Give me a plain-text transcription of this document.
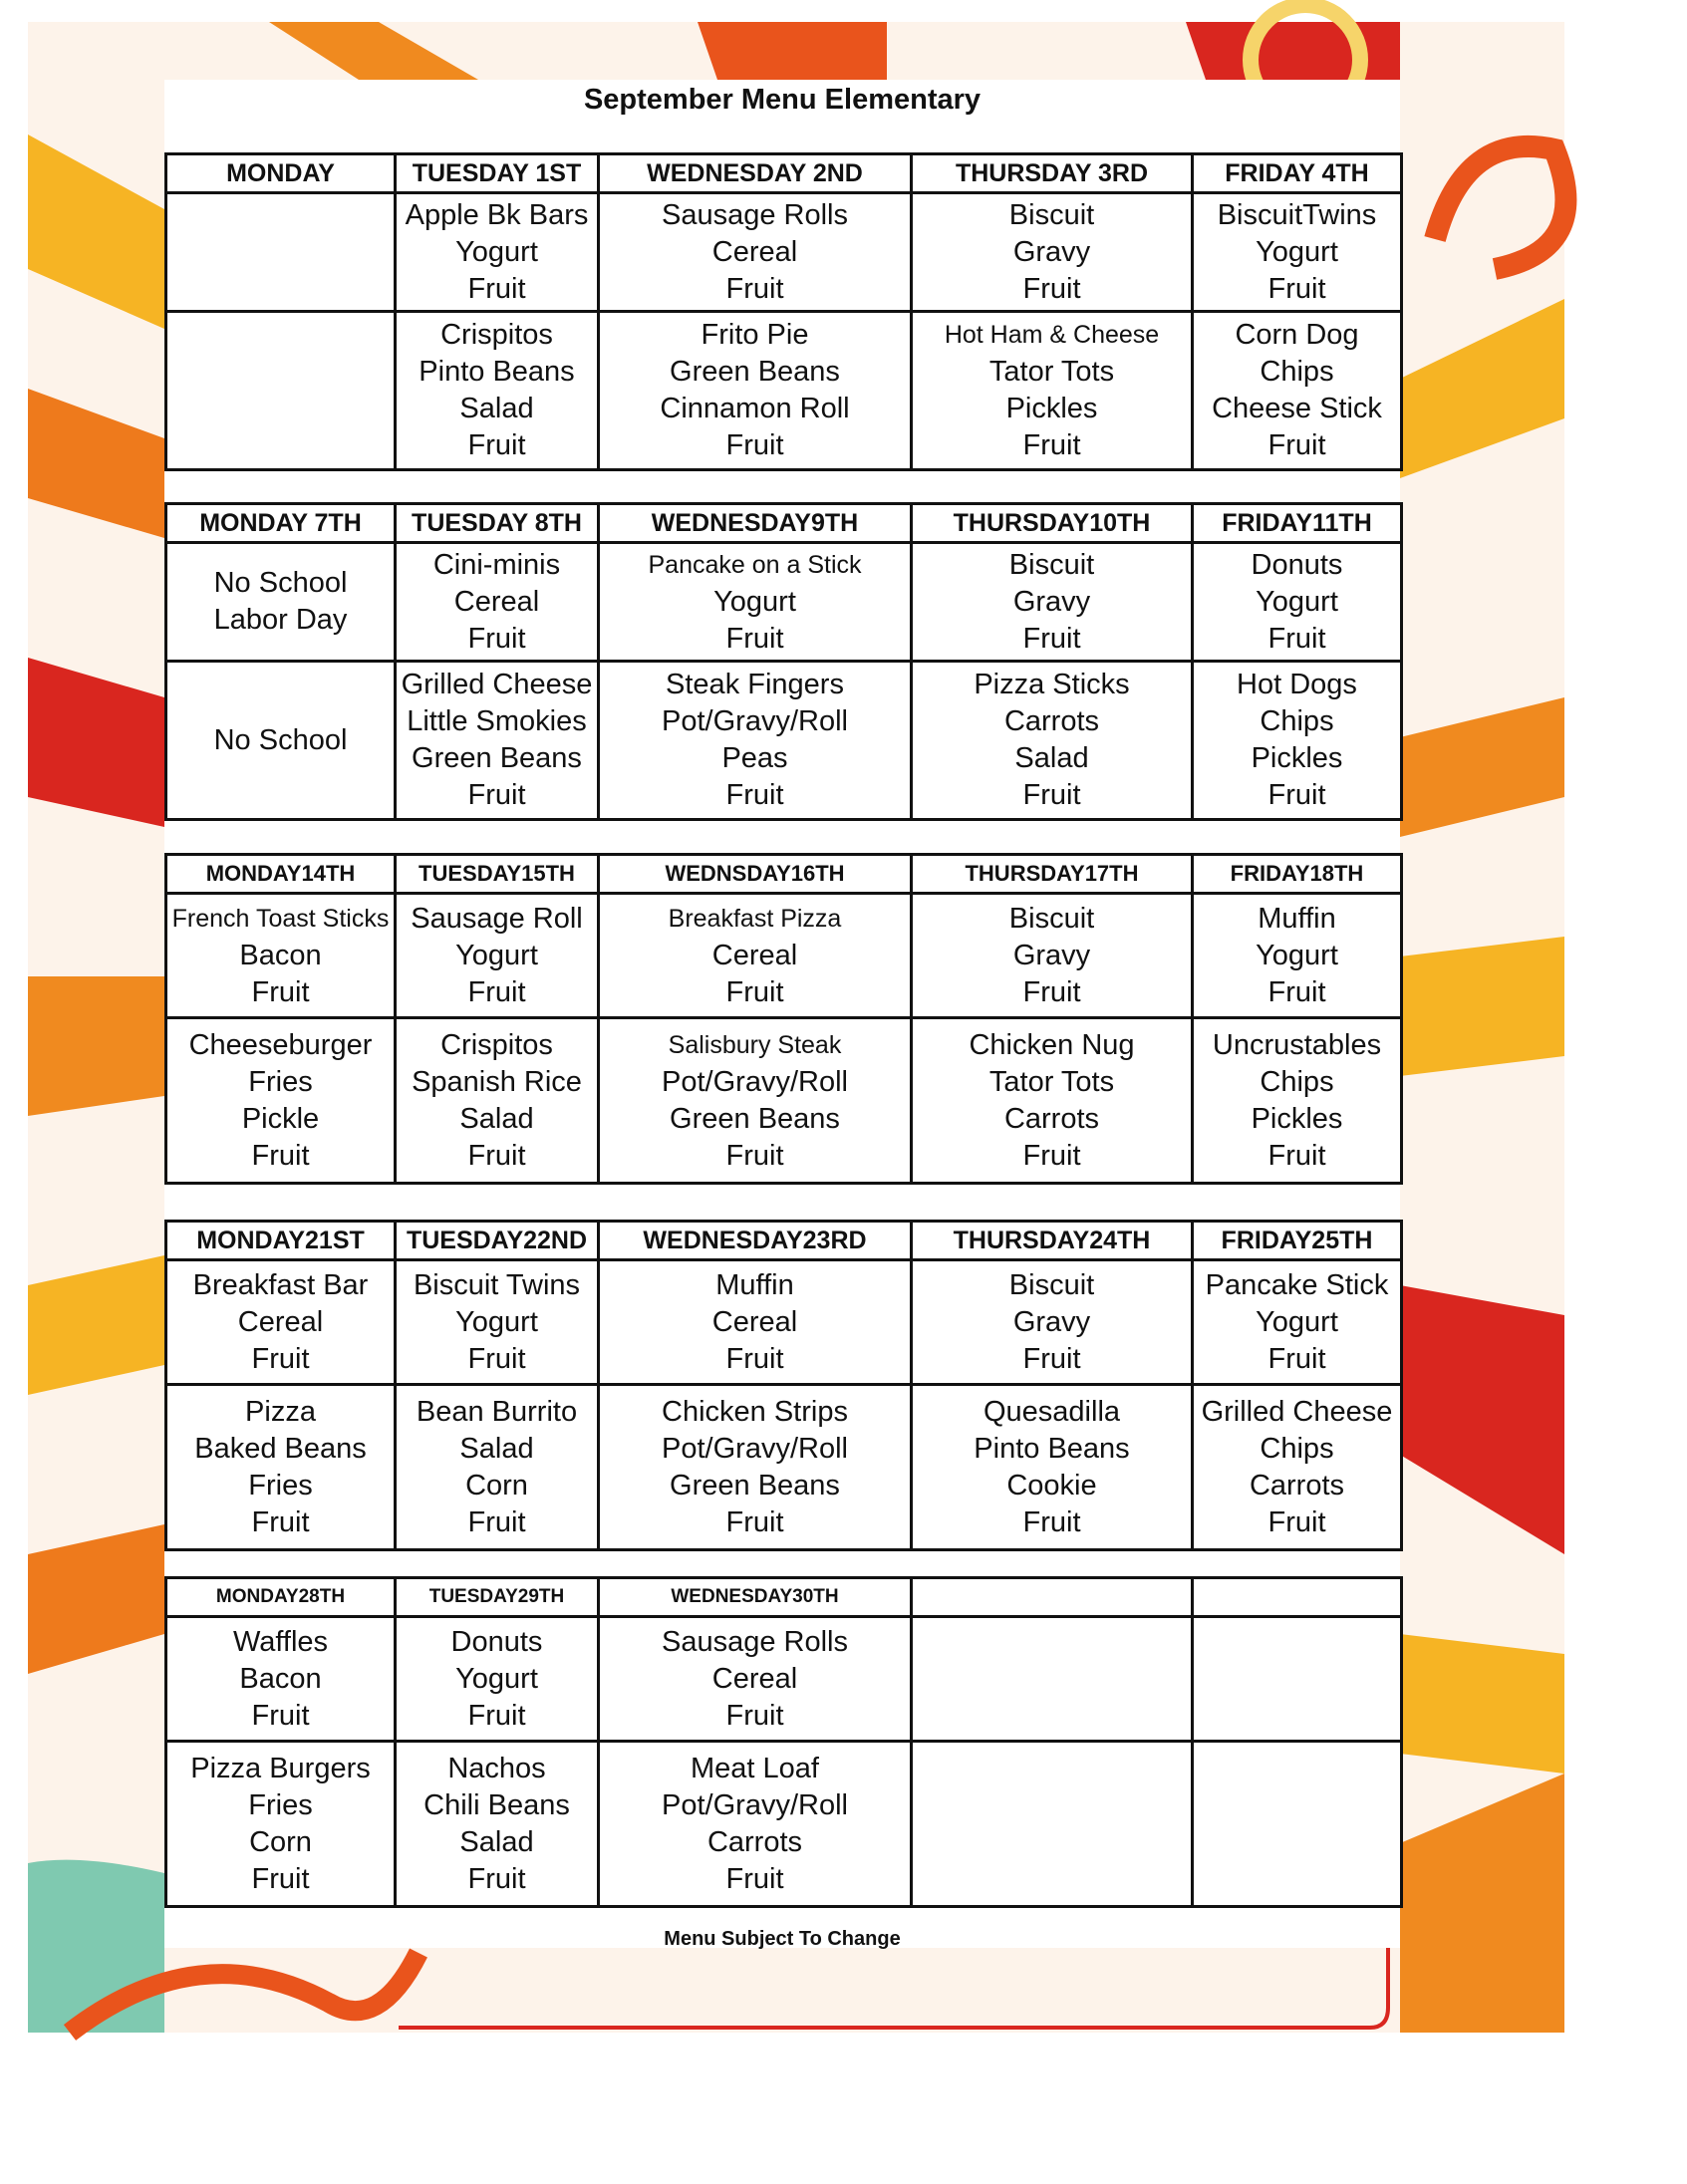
September Menu Elementary
MONDAY	TUESDAY 1ST	WEDNESDAY 2ND	THURSDAY 3RD	FRIDAY 4TH

	Apple Bk Bars
Yogurt
Fruit	Sausage Rolls
Cereal
Fruit	Biscuit
Gravy
Fruit	BiscuitTwins
Yogurt
Fruit

	Crispitos
Pinto Beans
Salad
Fruit	Frito Pie
Green Beans
Cinnamon Roll
Fruit	Hot Ham & Cheese
Tator Tots
Pickles
Fruit	Corn Dog
Chips
Cheese Stick
Fruit
MONDAY 7TH	TUESDAY 8TH	WEDNESDAY9TH	THURSDAY10TH	FRIDAY11TH

No School
Labor Day	Cini-minis
Cereal
Fruit	Pancake on a Stick
Yogurt
Fruit	Biscuit
Gravy
Fruit	Donuts
Yogurt
Fruit

No School	Grilled Cheese
Little Smokies
Green Beans
Fruit	Steak Fingers
Pot/Gravy/Roll
Peas
Fruit	Pizza Sticks
Carrots
Salad
Fruit	Hot Dogs
Chips
Pickles
Fruit
MONDAY14TH	TUESDAY15TH	WEDNSDAY16TH	THURSDAY17TH	FRIDAY18TH

French Toast Sticks
Bacon
Fruit	Sausage Roll
Yogurt
Fruit	Breakfast Pizza
Cereal
Fruit	Biscuit
Gravy
Fruit	Muffin
Yogurt
Fruit

Cheeseburger
Fries
Pickle
Fruit	Crispitos
Spanish Rice
Salad
Fruit	Salisbury Steak
Pot/Gravy/Roll
Green Beans
Fruit	Chicken Nug
Tator Tots
Carrots
Fruit	Uncrustables
Chips
Pickles
Fruit
MONDAY21ST	TUESDAY22ND	WEDNESDAY23RD	THURSDAY24TH	FRIDAY25TH

Breakfast Bar
Cereal
Fruit	Biscuit Twins
Yogurt
Fruit	Muffin
Cereal
Fruit	Biscuit
Gravy
Fruit	Pancake Stick
Yogurt
Fruit

Pizza
Baked Beans
Fries
Fruit	Bean Burrito
Salad
Corn
Fruit	Chicken Strips
Pot/Gravy/Roll
Green Beans
Fruit	Quesadilla
Pinto Beans
Cookie
Fruit	Grilled Cheese
Chips
Carrots
Fruit
MONDAY28TH	TUESDAY29TH	WEDNESDAY30TH		

Waffles
Bacon
Fruit	Donuts
Yogurt
Fruit	Sausage Rolls
Cereal
Fruit		

Pizza Burgers
Fries
Corn
Fruit	Nachos
Chili Beans
Salad
Fruit	Meat Loaf
Pot/Gravy/Roll
Carrots
Fruit		

Menu Subject To Change
